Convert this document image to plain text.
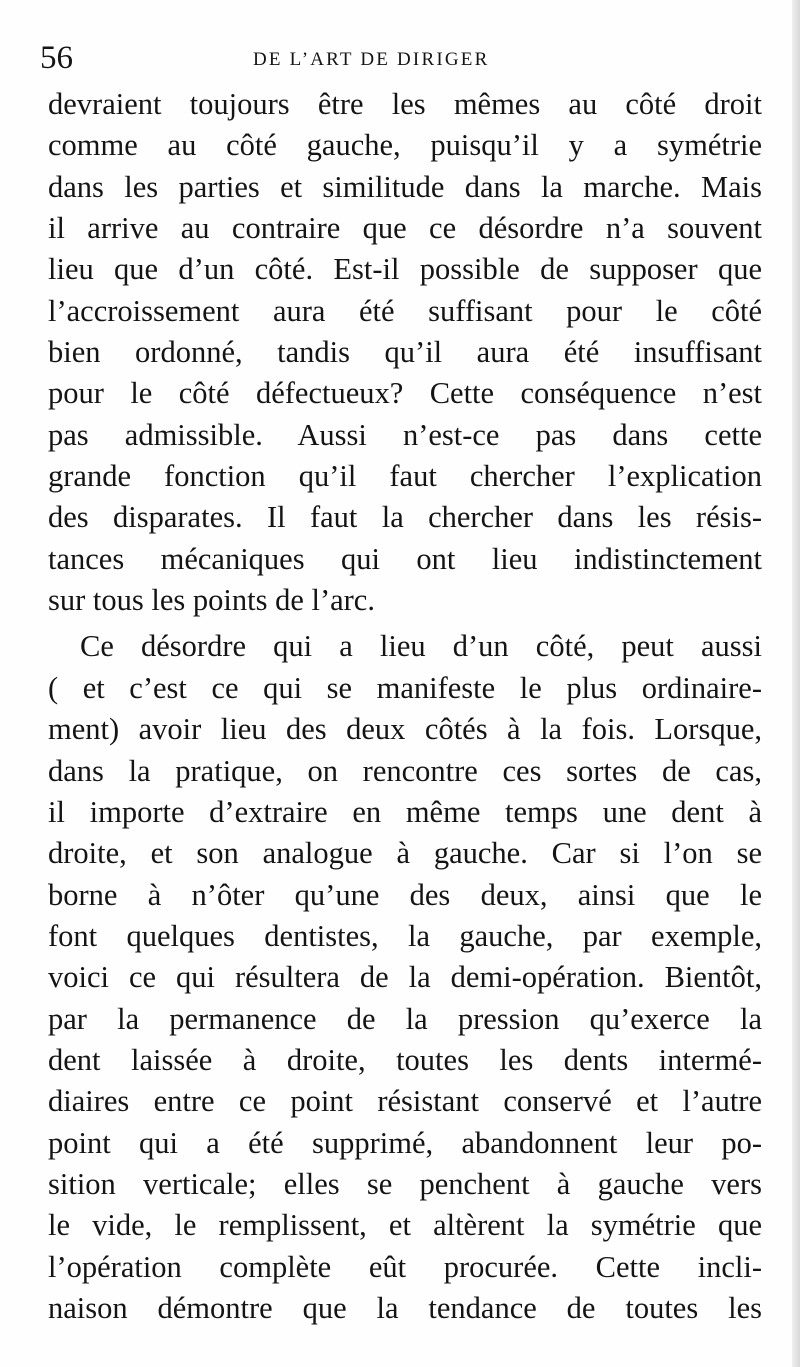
56	DE L’ART DE DIRIGER
devraient toujours être les mêmes au côté droit
comme au côté gauche, puisqu’il y a symétrie
dans les parties et similitude dans la marche. Mais
il arrive au contraire que ce désordre n’a souvent
lieu que d’un côté. Est-il possible de supposer que
l’accroissement aura été suffisant pour le côté
bien ordonné, tandis qu’il aura été insuffisant
pour le côté défectueux? Cette conséquence n’est
pas admissible. Aussi n’est-ce pas dans cette
grande fonction qu’il faut chercher l’explication
des disparates. Il faut la chercher dans les résis-
tances mécaniques qui ont lieu indistinctement
sur tous les points de l’arc.
Ce désordre qui a lieu d’un côté, peut aussi
( et c’est ce qui se manifeste le plus ordinaire-
ment) avoir lieu des deux côtés à la fois. Lorsque,
dans la pratique, on rencontre ces sortes de cas,
il importe d’extraire en même temps une dent à
droite, et son analogue à gauche. Car si l’on se
borne à n’ôter qu’une des deux, ainsi que le
font quelques dentistes, la gauche, par exemple,
voici ce qui résultera de la demi-opération. Bientôt,
par la permanence de la pression qu’exerce la
dent laissée à droite, toutes les dents intermé-
diaires entre ce point résistant conservé et l’autre
point qui a été supprimé, abandonnent leur po-
sition verticale; elles se penchent à gauche vers
le vide, le remplissent, et altèrent la symétrie que
l’opération complète eût procurée. Cette incli-
naison démontre que la tendance de toutes les
